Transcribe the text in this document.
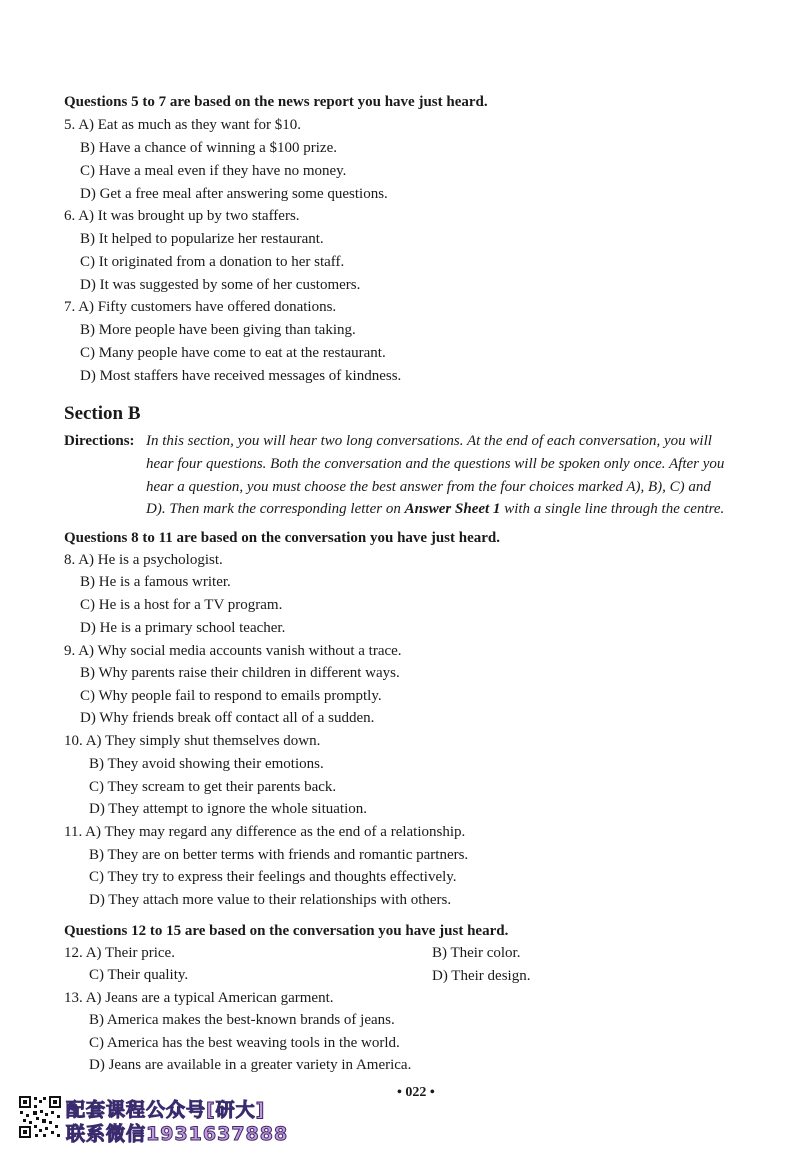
Questions 5 to 7 are based on the news report you have just heard.
5. A) Eat as much as they want for $10.
B) Have a chance of winning a $100 prize.
C) Have a meal even if they have no money.
D) Get a free meal after answering some questions.
6. A) It was brought up by two staffers.
B) It helped to popularize her restaurant.
C) It originated from a donation to her staff.
D) It was suggested by some of her customers.
7. A) Fifty customers have offered donations.
B) More people have been giving than taking.
C) Many people have come to eat at the restaurant.
D) Most staffers have received messages of kindness.
Section B
Directions: In this section, you will hear two long conversations. At the end of each conversation, you will
hear four questions. Both the conversation and the questions will be spoken only once. After you
hear a question, you must choose the best answer from the four choices marked A), B), C) and
D). Then mark the corresponding letter on Answer Sheet 1 with a single line through the centre.
Questions 8 to 11 are based on the conversation you have just heard.
8. A) He is a psychologist.
B) He is a famous writer.
C) He is a host for a TV program.
D) He is a primary school teacher.
9. A) Why social media accounts vanish without a trace.
B) Why parents raise their children in different ways.
C) Why people fail to respond to emails promptly.
D) Why friends break off contact all of a sudden.
10. A) They simply shut themselves down.
B) They avoid showing their emotions.
C) They scream to get their parents back.
D) They attempt to ignore the whole situation.
11. A) They may regard any difference as the end of a relationship.
B) They are on better terms with friends and romantic partners.
C) They try to express their feelings and thoughts effectively.
D) They attach more value to their relationships with others.
Questions 12 to 15 are based on the conversation you have just heard.
12. A) Their price.	B) Their color.
C) Their quality.	D) Their design.
13. A) Jeans are a typical American garment.
B) America makes the best-known brands of jeans.
C) America has the best weaving tools in the world.
D) Jeans are available in a greater variety in America.
• 022 •
配套课程公众号[研大]
联系微信1931637888
